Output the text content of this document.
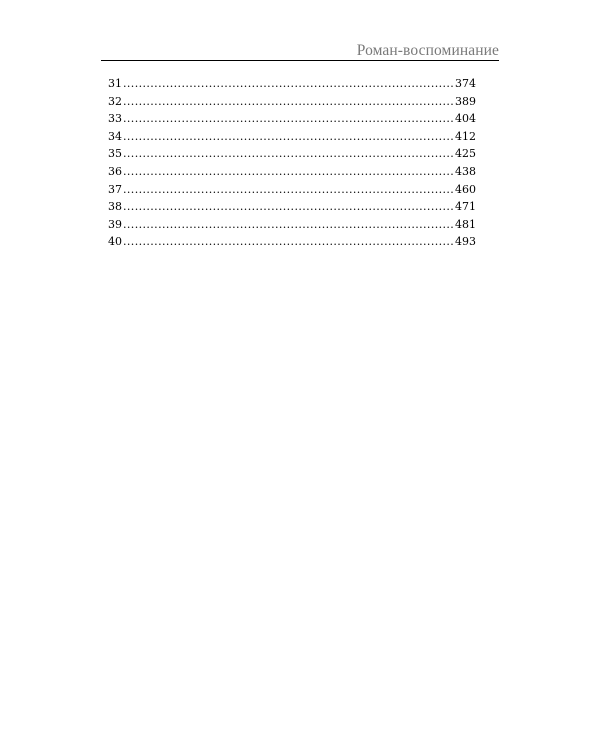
Роман-воспоминание
31 .....	374
32 .....	389
33 .....	404
34 .....	412
35 .....	425
36 .....	438
37 .....	460
38 .....	471
39 .....	481
40 .....	493
